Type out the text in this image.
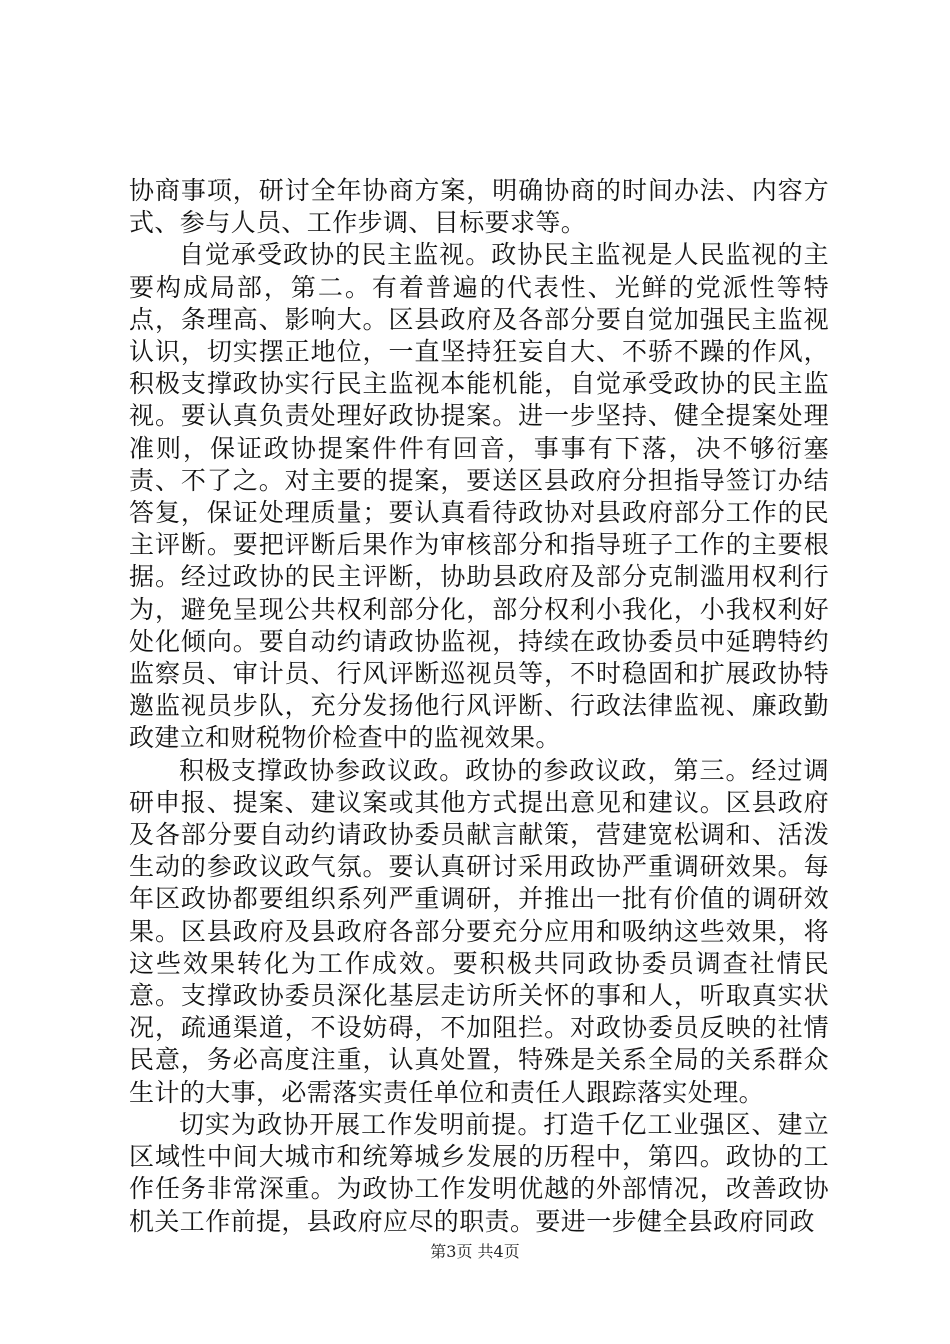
协商事项，研讨全年协商方案，明确协商的时间办法、内容方式、参与人员、工作步调、目标要求等。

自觉承受政协的民主监视。政协民主监视是人民监视的主要构成局部，第二。有着普遍的代表性、光鲜的党派性等特点，条理高、影响大。区县政府及各部分要自觉加强民主监视认识，切实摆正地位，一直坚持狂妄自大、不骄不躁的作风，积极支撑政协实行民主监视本能机能，自觉承受政协的民主监视。要认真负责处理好政协提案。进一步坚持、健全提案处理准则，保证政协提案件件有回音，事事有下落，决不够衍塞责、不了之。对主要的提案，要送区县政府分担指导签订办结答复，保证处理质量；要认真看待政协对县政府部分工作的民主评断。要把评断后果作为审核部分和指导班子工作的主要根据。经过政协的民主评断，协助县政府及部分克制滥用权利行为，避免呈现公共权利部分化，部分权利小我化，小我权利好处化倾向。要自动约请政协监视，持续在政协委员中延聘特约监察员、审计员、行风评断巡视员等，不时稳固和扩展政协特邀监视员步队，充分发扬他行风评断、行政法律监视、廉政勤政建立和财税物价检查中的监视效果。

积极支撑政协参政议政。政协的参政议政，第三。经过调研申报、提案、建议案或其他方式提出意见和建议。区县政府及各部分要自动约请政协委员献言献策，营建宽松调和、活泼生动的参政议政气氛。要认真研讨采用政协严重调研效果。每年区政协都要组织系列严重调研，并推出一批有价值的调研效果。区县政府及县政府各部分要充分应用和吸纳这些效果，将这些效果转化为工作成效。要积极共同政协委员调查社情民意。支撑政协委员深化基层走访所关怀的事和人，听取真实状况，疏通渠道，不设妨碍，不加阻拦。对政协委员反映的社情民意，务必高度注重，认真处置，特殊是关系全局的关系群众生计的大事，必需落实责任单位和责任人跟踪落实处理。

切实为政协开展工作发明前提。打造千亿工业强区、建立区域性中间大城市和统筹城乡发展的历程中，第四。政协的工作任务非常深重。为政协工作发明优越的外部情况，改善政协机关工作前提，县政府应尽的职责。要进一步健全县政府同政

第3页 共4页
